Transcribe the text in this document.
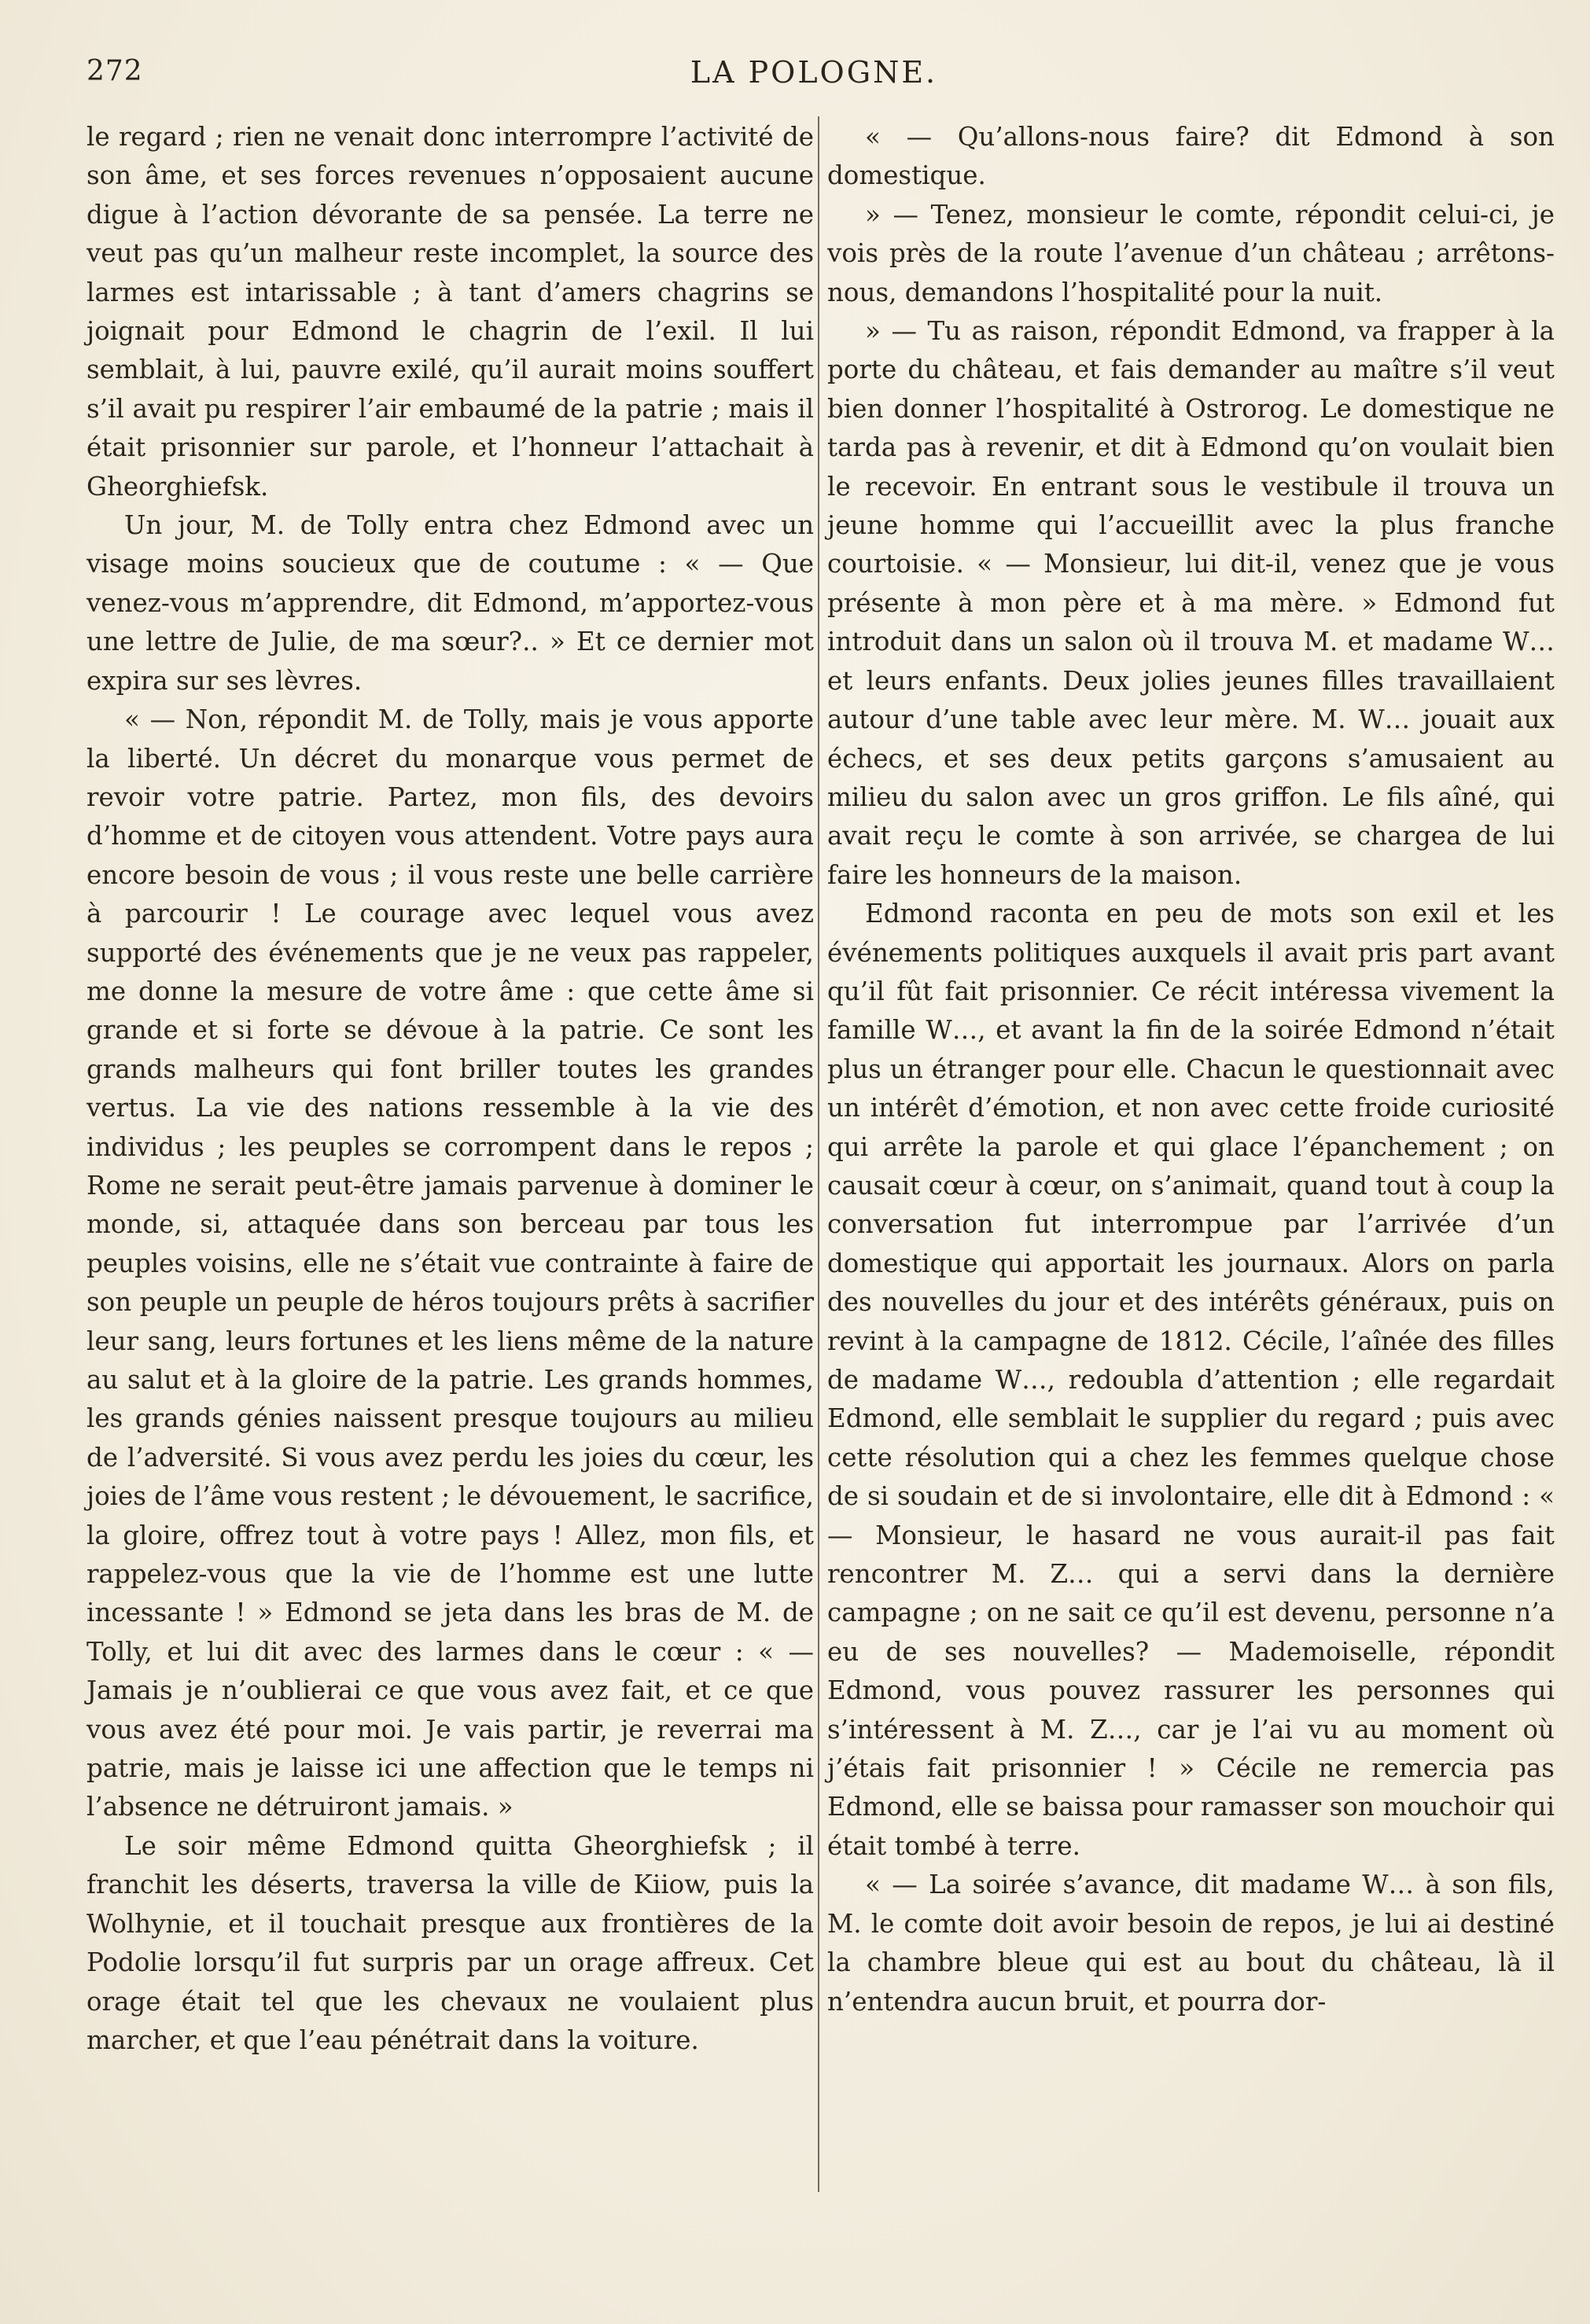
272	LA POLOGNE.

le regard ; rien ne venait donc interrompre l’activité de son âme, et ses forces revenues n’opposaient aucune digue à l’action dévorante de sa pensée. La terre ne veut pas qu’un malheur reste incomplet, la source des larmes est intarissable ; à tant d’amers chagrins se joignait pour Edmond le chagrin de l’exil. Il lui semblait, à lui, pauvre exilé, qu’il aurait moins souffert s’il avait pu respirer l’air embaumé de la patrie ; mais il était prisonnier sur parole, et l’honneur l’attachait à Gheorghiefsk.

Un jour, M. de Tolly entra chez Edmond avec un visage moins soucieux que de coutume : « — Que venez-vous m’apprendre, dit Edmond, m’apportez-vous une lettre de Julie, de ma sœur?.. » Et ce dernier mot expira sur ses lèvres.

« — Non, répondit M. de Tolly, mais je vous apporte la liberté. Un décret du monarque vous permet de revoir votre patrie. Partez, mon fils, des devoirs d’homme et de citoyen vous attendent. Votre pays aura encore besoin de vous ; il vous reste une belle carrière à parcourir ! Le courage avec lequel vous avez supporté des événements que je ne veux pas rappeler, me donne la mesure de votre âme : que cette âme si grande et si forte se dévoue à la patrie. Ce sont les grands malheurs qui font briller toutes les grandes vertus. La vie des nations ressemble à la vie des individus ; les peuples se corrompent dans le repos ; Rome ne serait peut-être jamais parvenue à dominer le monde, si, attaquée dans son berceau par tous les peuples voisins, elle ne s’était vue contrainte à faire de son peuple un peuple de héros toujours prêts à sacrifier leur sang, leurs fortunes et les liens même de la nature au salut et à la gloire de la patrie. Les grands hommes, les grands génies naissent presque toujours au milieu de l’adversité. Si vous avez perdu les joies du cœur, les joies de l’âme vous restent ; le dévouement, le sacrifice, la gloire, offrez tout à votre pays ! Allez, mon fils, et rappelez-vous que la vie de l’homme est une lutte incessante ! » Edmond se jeta dans les bras de M. de Tolly, et lui dit avec des larmes dans le cœur : « — Jamais je n’oublierai ce que vous avez fait, et ce que vous avez été pour moi. Je vais partir, je reverrai ma patrie, mais je laisse ici une affection que le temps ni l’absence ne détruiront jamais. »

Le soir même Edmond quitta Gheorghiefsk ; il franchit les déserts, traversa la ville de Kiiow, puis la Wolhynie, et il touchait presque aux frontières de la Podolie lorsqu’il fut surpris par un orage affreux. Cet orage était tel que les chevaux ne voulaient plus marcher, et que l’eau pénétrait dans la voiture.

« — Qu’allons-nous faire? dit Edmond à son domestique.

» — Tenez, monsieur le comte, répondit celui-ci, je vois près de la route l’avenue d’un château ; arrêtons-nous, demandons l’hospitalité pour la nuit.

» — Tu as raison, répondit Edmond, va frapper à la porte du château, et fais demander au maître s’il veut bien donner l’hospitalité à Ostrorog. Le domestique ne tarda pas à revenir, et dit à Edmond qu’on voulait bien le recevoir. En entrant sous le vestibule il trouva un jeune homme qui l’accueillit avec la plus franche courtoisie. « — Monsieur, lui dit-il, venez que je vous présente à mon père et à ma mère. » Edmond fut introduit dans un salon où il trouva M. et madame W… et leurs enfants. Deux jolies jeunes filles travaillaient autour d’une table avec leur mère. M. W… jouait aux échecs, et ses deux petits garçons s’amusaient au milieu du salon avec un gros griffon. Le fils aîné, qui avait reçu le comte à son arrivée, se chargea de lui faire les honneurs de la maison.

Edmond raconta en peu de mots son exil et les événements politiques auxquels il avait pris part avant qu’il fût fait prisonnier. Ce récit intéressa vivement la famille W…, et avant la fin de la soirée Edmond n’était plus un étranger pour elle. Chacun le questionnait avec un intérêt d’émotion, et non avec cette froide curiosité qui arrête la parole et qui glace l’épanchement ; on causait cœur à cœur, on s’animait, quand tout à coup la conversation fut interrompue par l’arrivée d’un domestique qui apportait les journaux. Alors on parla des nouvelles du jour et des intérêts généraux, puis on revint à la campagne de 1812. Cécile, l’aînée des filles de madame W…, redoubla d’attention ; elle regardait Edmond, elle semblait le supplier du regard ; puis avec cette résolution qui a chez les femmes quelque chose de si soudain et de si involontaire, elle dit à Edmond : « — Monsieur, le hasard ne vous aurait-il pas fait rencontrer M. Z… qui a servi dans la dernière campagne ; on ne sait ce qu’il est devenu, personne n’a eu de ses nouvelles? — Mademoiselle, répondit Edmond, vous pouvez rassurer les personnes qui s’intéressent à M. Z…, car je l’ai vu au moment où j’étais fait prisonnier ! » Cécile ne remercia pas Edmond, elle se baissa pour ramasser son mouchoir qui était tombé à terre.

« — La soirée s’avance, dit madame W… à son fils, M. le comte doit avoir besoin de repos, je lui ai destiné la chambre bleue qui est au bout du château, là il n’entendra aucun bruit, et pourra dor-
